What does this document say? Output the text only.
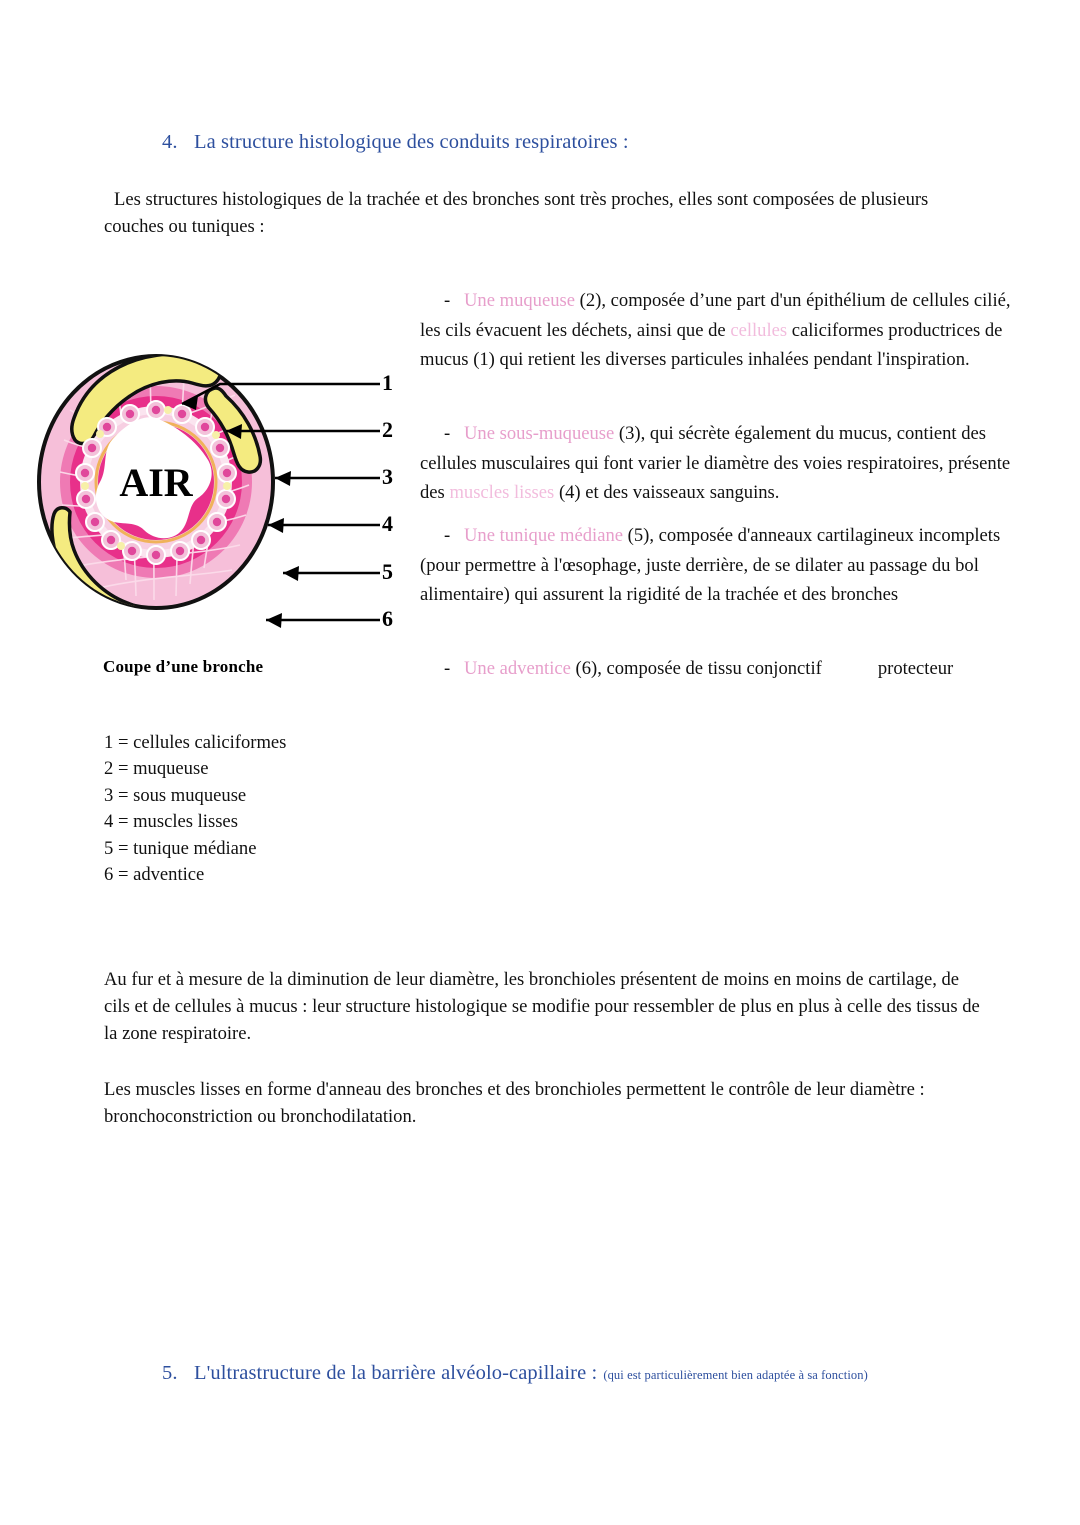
4. La structure histologique des conduits respiratoires :
Les structures histologiques de la trachée et des bronches sont très proches, elles sont composées de plusieurs couches ou tuniques :
AIR
1
2
3
4
5
6
Coupe d’une bronche
- Une muqueuse (2), composée d’une part d'un épithélium de cellules cilié, les cils évacuent les déchets, ainsi que de cellules caliciformes productrices de mucus (1) qui retient les diverses particules inhalées pendant l'inspiration.
- Une sous-muqueuse (3), qui sécrète également du mucus, contient des cellules musculaires qui font varier le diamètre des voies respiratoires, présente des muscles lisses (4) et des vaisseaux sanguins.
- Une tunique médiane (5), composée d'anneaux cartilagineux incomplets (pour permettre à l'œsophage, juste derrière, de se dilater au passage du bol alimentaire) qui assurent la rigidité de la trachée et des bronches
- Une adventice (6), composée de tissu conjonctif	protecteur
1 = cellules caliciformes
2 = muqueuse
3 = sous muqueuse
4 = muscles lisses
5 = tunique médiane
6 = adventice
Au fur et à mesure de la diminution de leur diamètre, les bronchioles présentent de moins en moins de cartilage, de cils et de cellules à mucus : leur structure histologique se modifie pour ressembler de plus en plus à celle des tissus de la zone respiratoire.
Les muscles lisses en forme d'anneau des bronches et des bronchioles permettent le contrôle de leur diamètre : bronchoconstriction ou bronchodilatation.
5. L'ultrastructure de la barrière alvéolo-capillaire : (qui est particulièrement bien adaptée à sa fonction)
